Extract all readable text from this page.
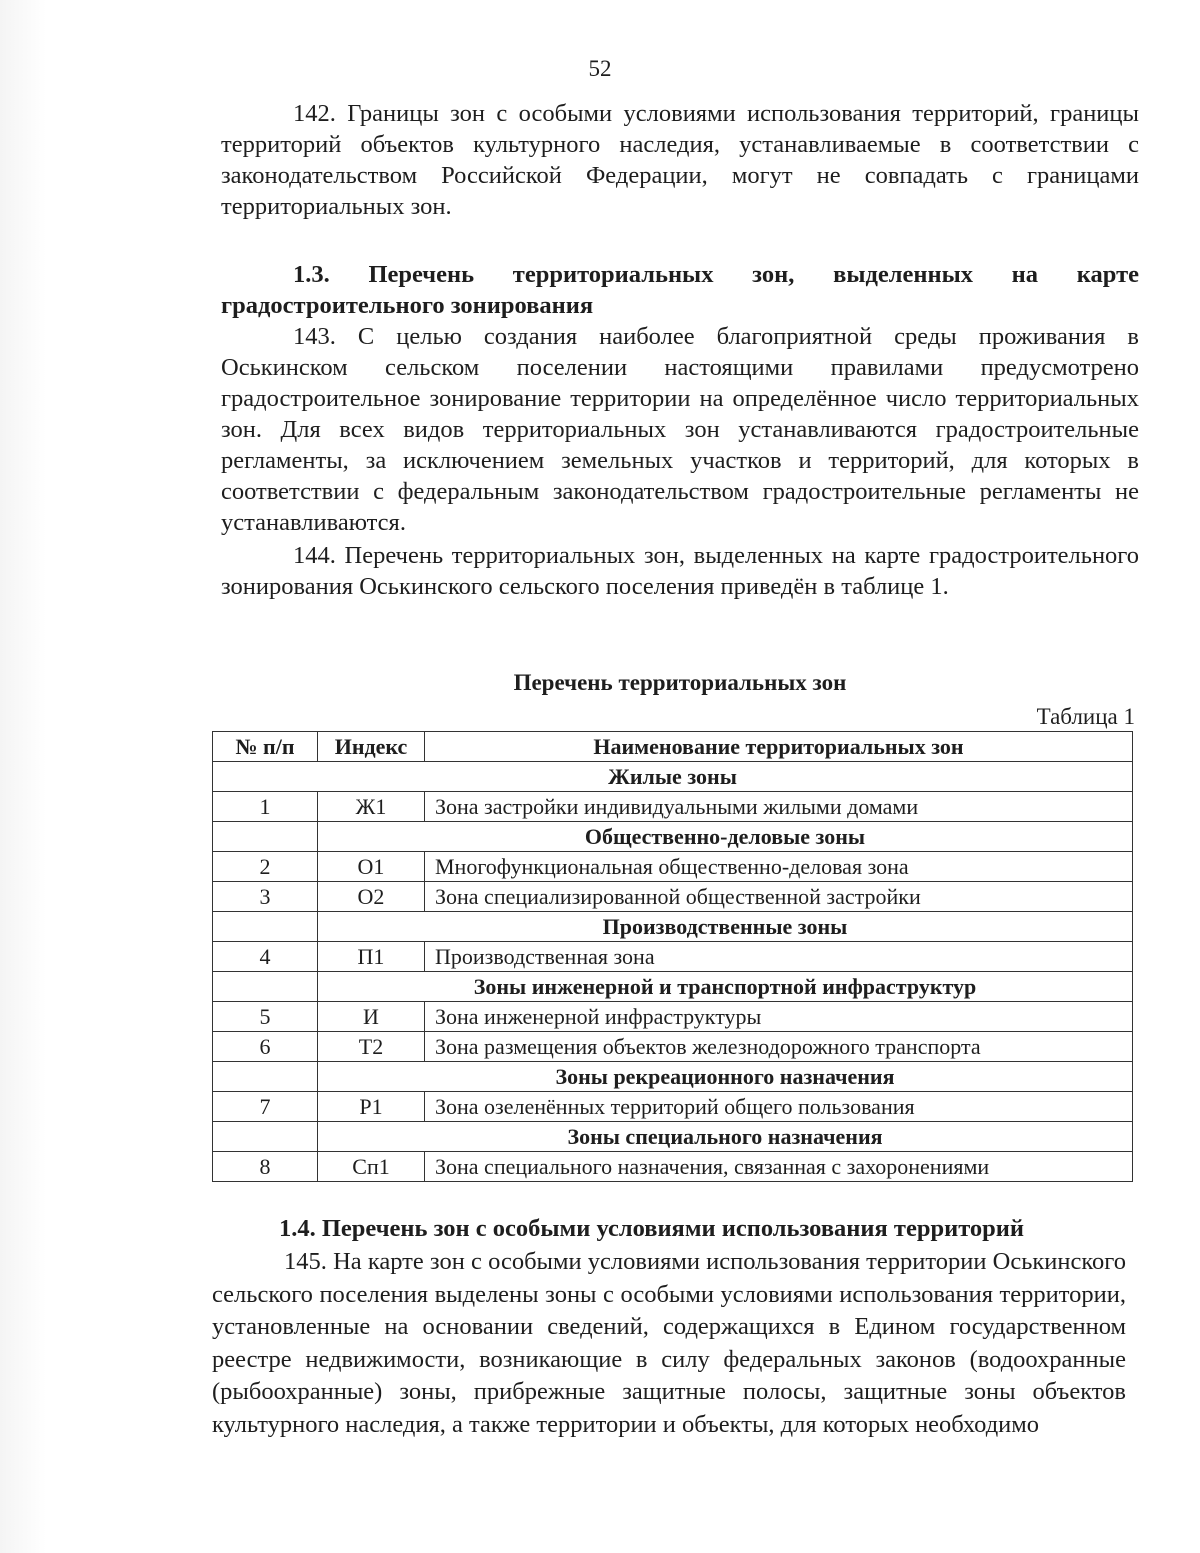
52
142. Границы зон с особыми условиями использования территорий, границы территорий объектов культурного наследия, устанавливаемые в соответствии с законодательством Российской Федерации, могут не совпадать с границами территориальных зон.
1.3. Перечень территориальных зон, выделенных на карте градостроительного зонирования
143. С целью создания наиболее благоприятной среды проживания в Оськинском сельском поселении настоящими правилами предусмотрено градостроительное зонирование территории на определённое число территориальных зон. Для всех видов территориальных зон устанавливаются градостроительные регламенты, за исключением земельных участков и территорий, для которых в соответствии с федеральным законодательством градостроительные регламенты не устанавливаются.
144. Перечень территориальных зон, выделенных на карте градостроительного зонирования Оськинского сельского поселения приведён в таблице 1.
Перечень территориальных зон
Таблица 1
№ п/п	Индекс	Наименование территориальных зон
Жилые зоны		
1	Ж1	Зона застройки индивидуальными жилыми домами
	Общественно-деловые зоны	
2	О1	Многофункциональная общественно-деловая зона
3	О2	Зона специализированной общественной застройки
	Производственные зоны	
4	П1	Производственная зона
	Зоны инженерной и транспортной инфраструктур	
5	И	Зона инженерной инфраструктуры
6	Т2	Зона размещения объектов железнодорожного транспорта
	Зоны рекреационного назначения	
7	Р1	Зона озеленённых территорий общего пользования
	Зоны специального назначения	
8	Сп1	Зона специального назначения, связанная с захоронениями
1.4. Перечень зон с особыми условиями использования территорий
145. На карте зон с особыми условиями использования территории Оськинского сельского поселения выделены зоны с особыми условиями использования территории, установленные на основании сведений, содержащихся в Едином государственном реестре недвижимости, возникающие в силу федеральных законов (водоохранные (рыбоохранные) зоны, прибрежные защитные полосы, защитные зоны объектов культурного наследия, а также территории и объекты, для которых необходимо
